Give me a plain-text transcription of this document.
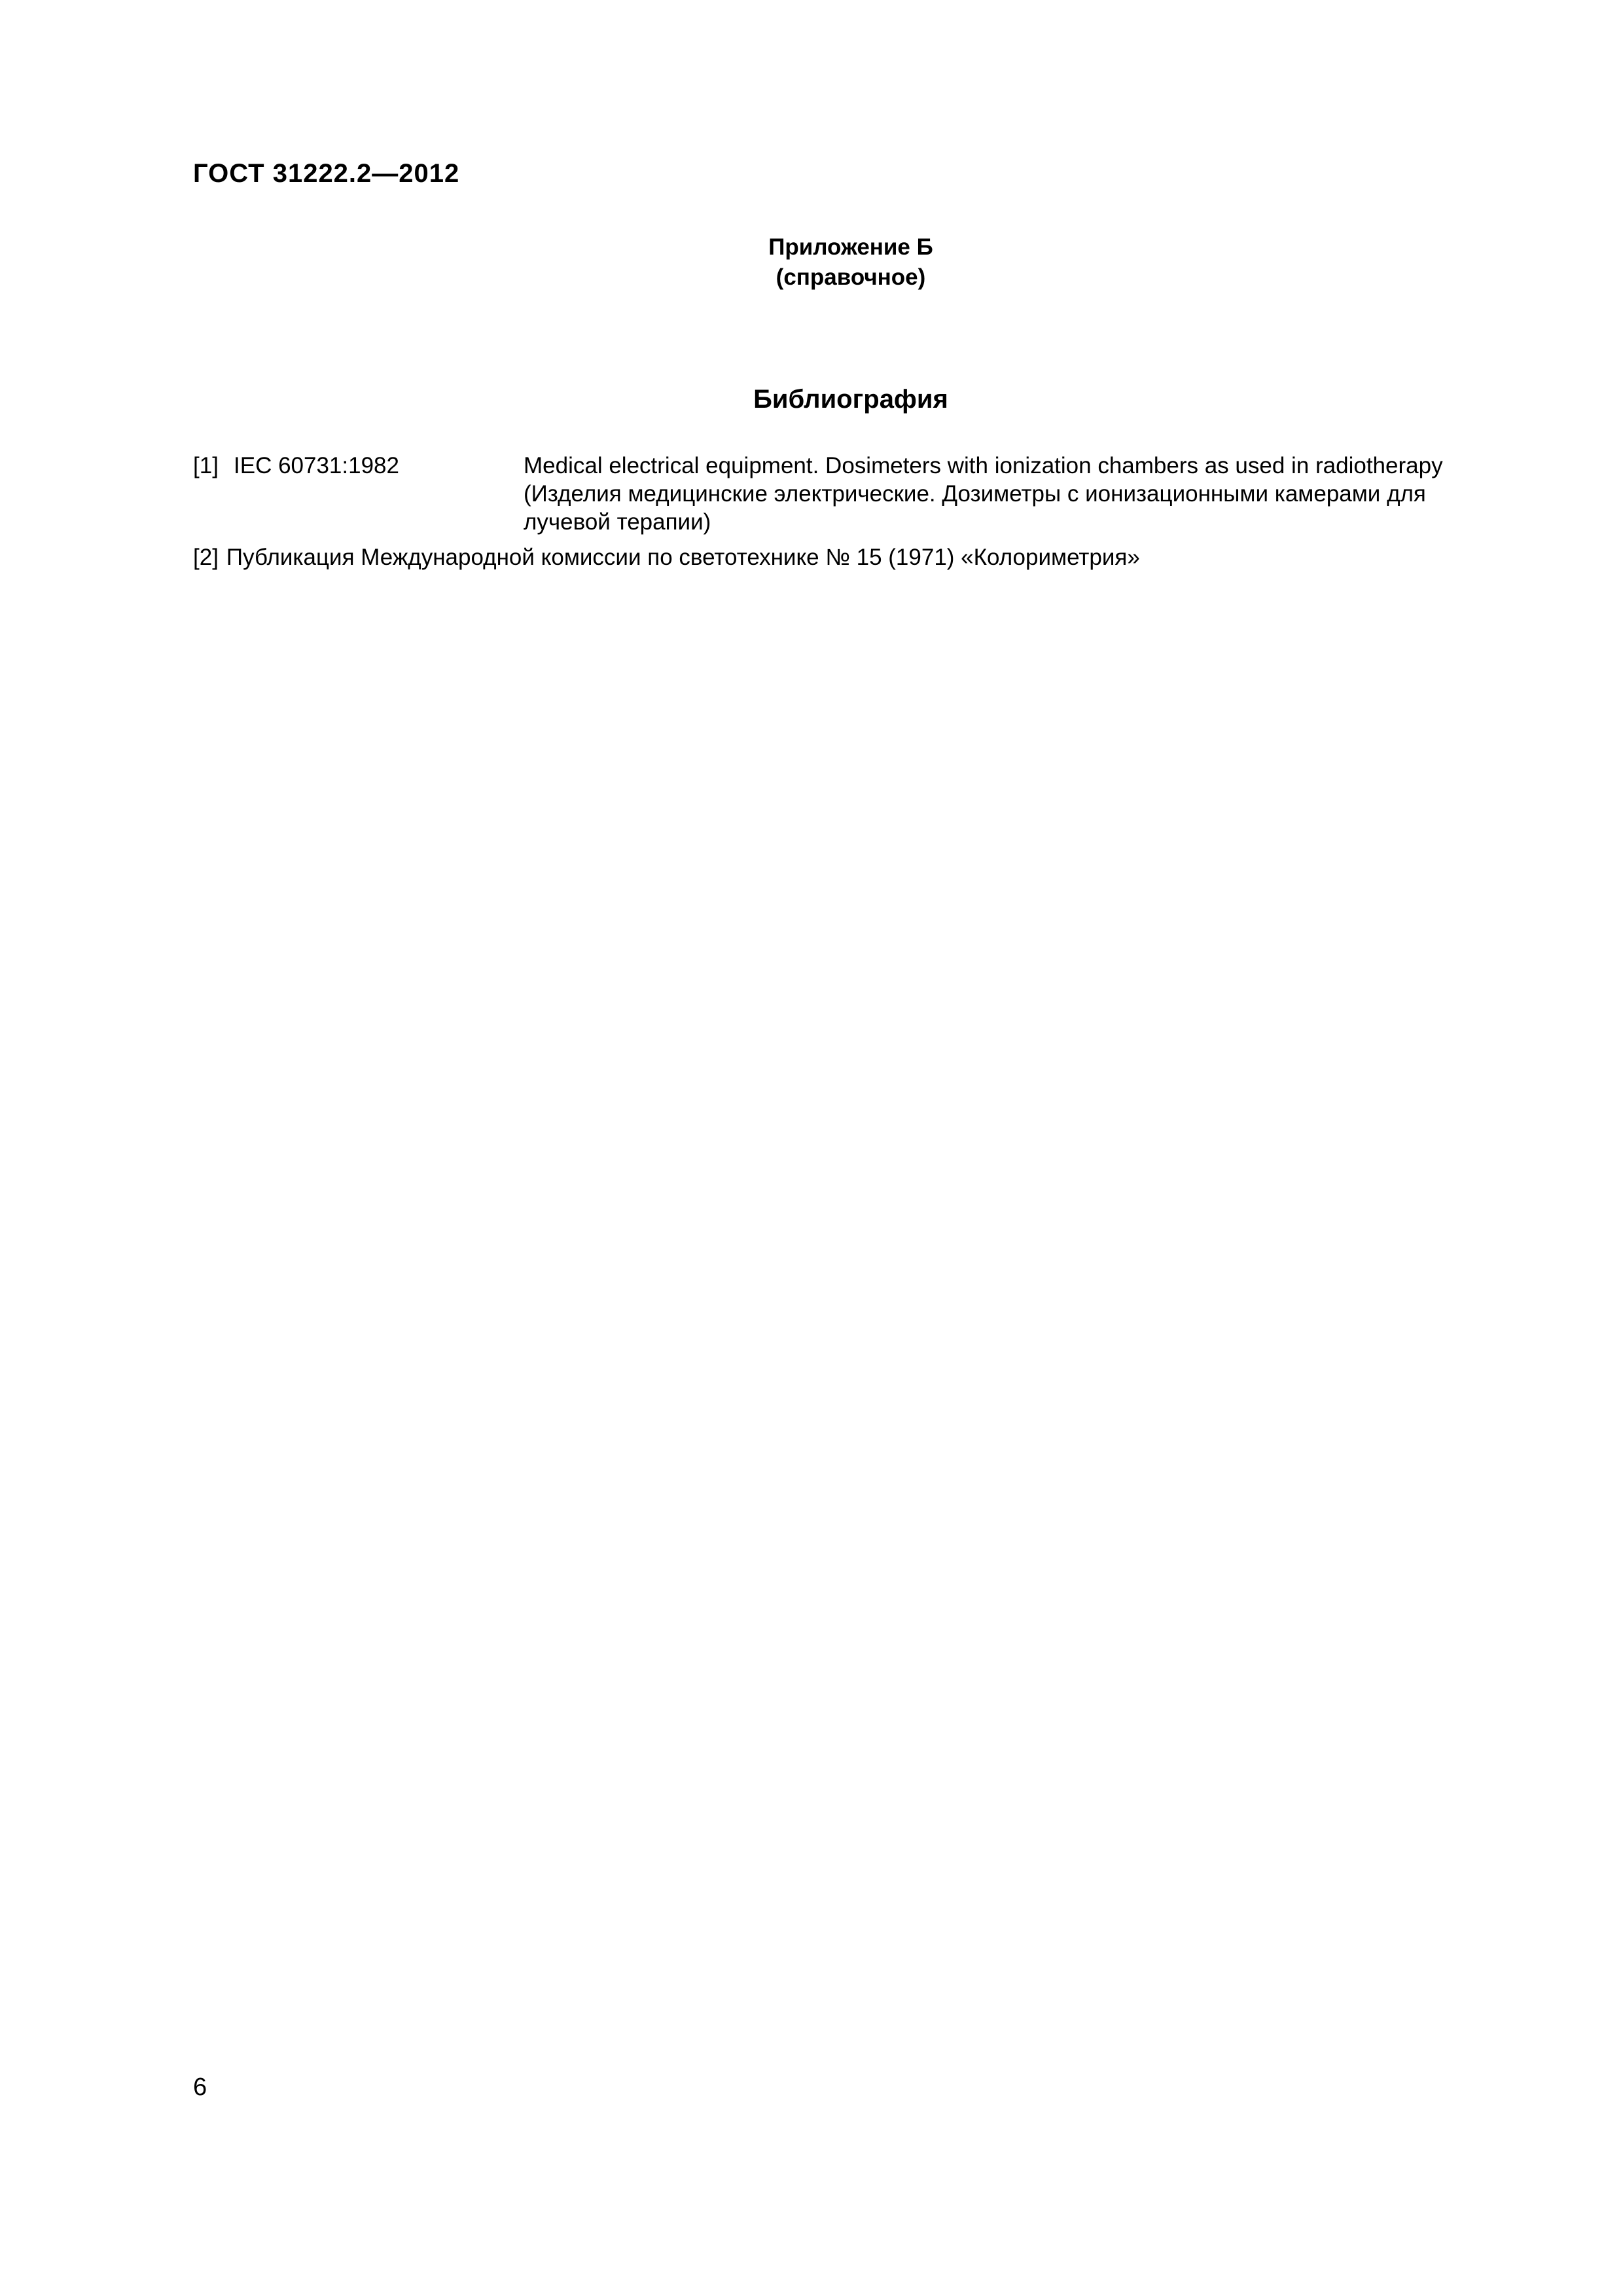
ГОСТ 31222.2—2012
Приложение Б
(справочное)
Библиография
[1] IEC 60731:1982	Medical electrical equipment. Dosimeters with ionization chambers as used in radiotherapy (Изделия медицинские электрические. Дозиметры с ионизационными камерами для лучевой терапии)
[2] Публикация Международной комиссии по светотехнике № 15 (1971) «Колориметрия»
6
